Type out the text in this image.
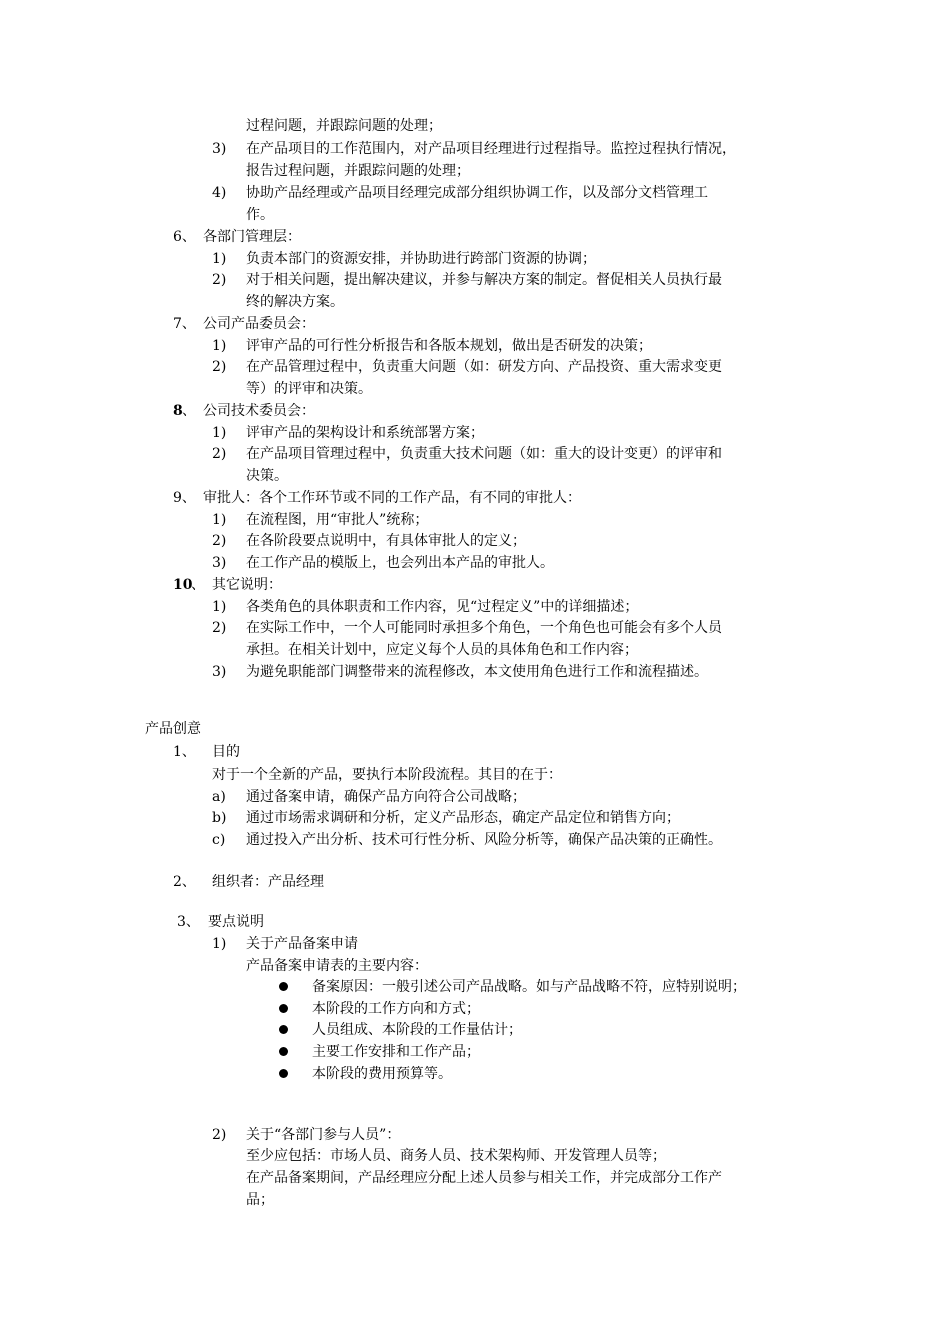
过程问题，并跟踪问题的处理；
3) 在产品项目的工作范围内，对产品项目经理进行过程指导。监控过程执行情况，
报告过程问题，并跟踪问题的处理；
4) 协助产品经理或产品项目经理完成部分组织协调工作，以及部分文档管理工
作。
6、 各部门管理层：
1) 负责本部门的资源安排，并协助进行跨部门资源的协调；
2) 对于相关问题，提出解决建议，并参与解决方案的制定。督促相关人员执行最
终的解决方案。
7、 公司产品委员会：
1) 评审产品的可行性分析报告和各版本规划，做出是否研发的决策；
2) 在产品管理过程中，负责重大问题（如：研发方向、产品投资、重大需求变更
等）的评审和决策。
8 、 公司技术委员会：
1) 评审产品的架构设计和系统部署方案；
2) 在产品项目管理过程中，负责重大技术问题（如：重大的设计变更）的评审和
决策。
9、 审批人：各个工作环节或不同的工作产品，有不同的审批人：
1) 在流程图，用“审批人”统称；
2) 在各阶段要点说明中，有具体审批人的定义；
3) 在工作产品的模版上，也会列出本产品的审批人。
10
、 其它说明：
1) 各类角色的具体职责和工作内容，见“过程定义”中的详细描述；
2) 在实际工作中，一个人可能同时承担多个角色，一个角色也可能会有多个人员
承担。在相关计划中，应定义每个人员的具体角色和工作内容；
3) 为避免职能部门调整带来的流程修改，本文使用角色进行工作和流程描述。
产品创意
1、 目的
对于一个全新的产品，要执行本阶段流程。其目的在于：
a) 通过备案申请，确保产品方向符合公司战略；
b) 通过市场需求调研和分析，定义产品形态，确定产品定位和销售方向；
c) 通过投入产出分析、技术可行性分析、风险分析等，确保产品决策的正确性。
2、 组织者：产品经理
3、 要点说明
1) 关于产品备案申请
产品备案申请表的主要内容：
备案原因：一般引述公司产品战略。如与产品战略不符，应特别说明；
本阶段的工作方向和方式；
人员组成、本阶段的工作量估计；
主要工作安排和工作产品；
本阶段的费用预算等。
2) 关于“各部门参与人员”：
至少应包括：市场人员、商务人员、技术架构师、开发管理人员等；
在产品备案期间，产品经理应分配上述人员参与相关工作，并完成部分工作产
品；
